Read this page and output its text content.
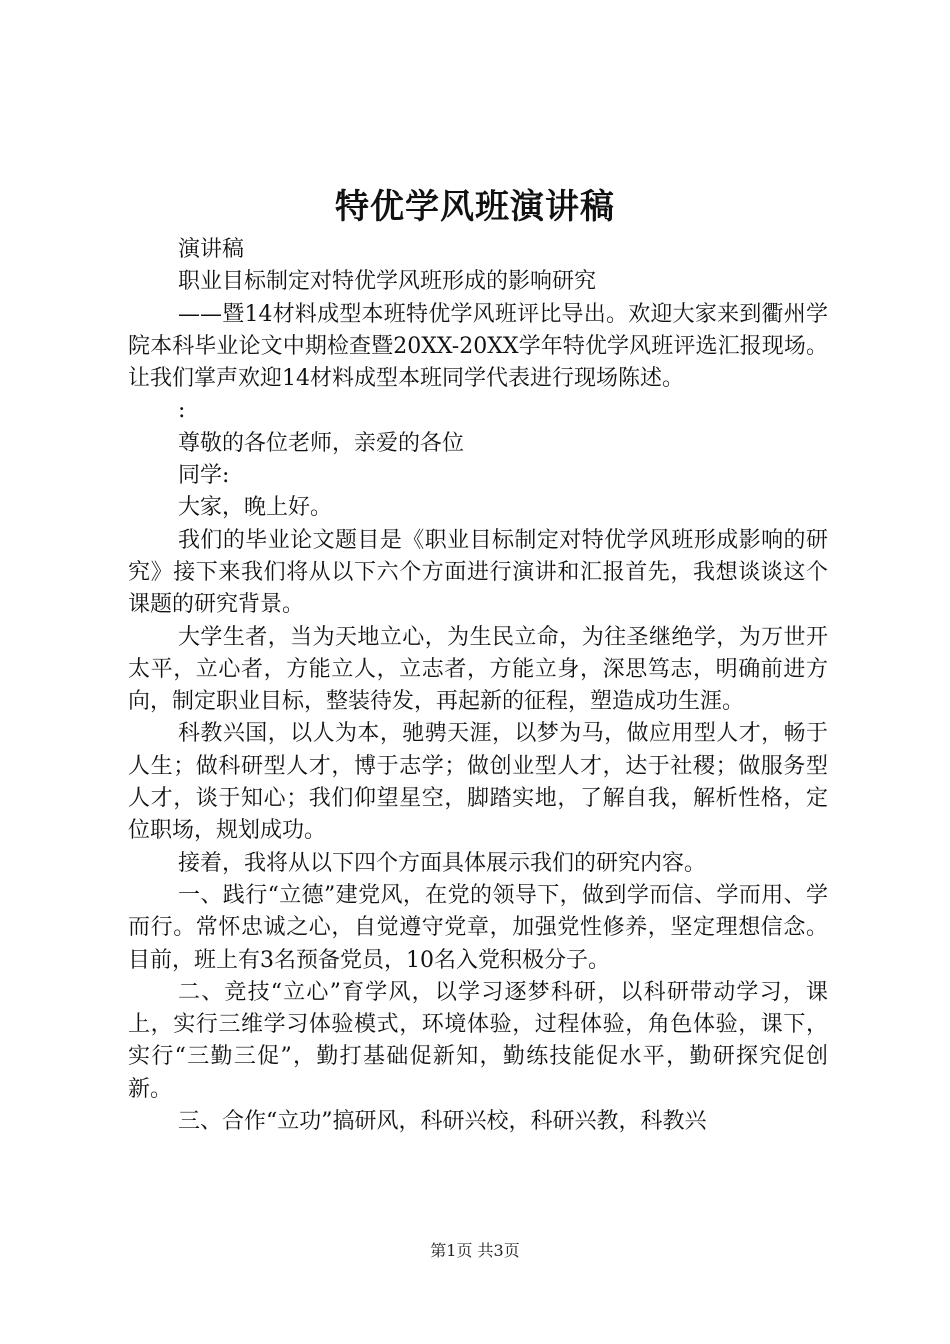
特优学风班演讲稿

演讲稿

职业目标制定对特优学风班形成的影响研究

——暨14材料成型本班特优学风班评比导出。欢迎大家来到衢州学院本科毕业论文中期检查暨20XX-20XX学年特优学风班评选汇报现场。让我们掌声欢迎14材料成型本班同学代表进行现场陈述。

:

尊敬的各位老师，亲爱的各位

同学:

大家，晚上好。

我们的毕业论文题目是《职业目标制定对特优学风班形成影响的研究》接下来我们将从以下六个方面进行演讲和汇报首先，我想谈谈这个课题的研究背景。

大学生者，当为天地立心，为生民立命，为往圣继绝学，为万世开太平，立心者，方能立人，立志者，方能立身，深思笃志，明确前进方向，制定职业目标，整装待发，再起新的征程，塑造成功生涯。

科教兴国，以人为本，驰骋天涯，以梦为马，做应用型人才，畅于人生；做科研型人才，博于志学；做创业型人才，达于社稷；做服务型人才，谈于知心；我们仰望星空，脚踏实地，了解自我，解析性格，定位职场，规划成功。

接着，我将从以下四个方面具体展示我们的研究内容。

一、践行“立德”建党风，在党的领导下，做到学而信、学而用、学而行。常怀忠诚之心，自觉遵守党章，加强党性修养，坚定理想信念。目前，班上有3名预备党员，10名入党积极分子。

二、竞技“立心”育学风，以学习逐梦科研，以科研带动学习，课上，实行三维学习体验模式，环境体验，过程体验，角色体验，课下，实行“三勤三促”，勤打基础促新知，勤练技能促水平，勤研探究促创新。

三、合作“立功”搞研风，科研兴校，科研兴教，科教兴

第1页 共3页
